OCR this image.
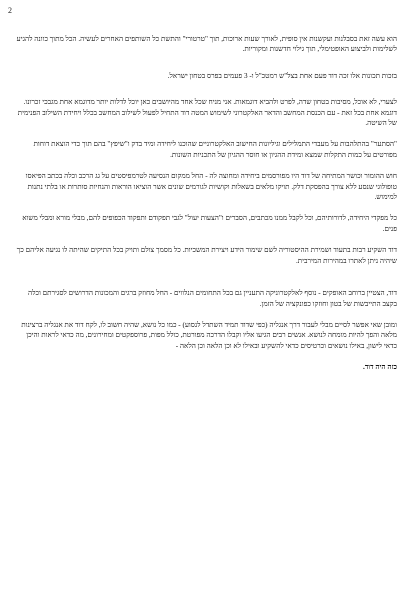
2

הוא עשה זאת בסבלנות ועקשנות אין סופית, לאורך שעות ארוכות, תוך "טרטורי" והתשת כל השותפים האחרים לעשיה. הכל מתוך כוונה להגיע לשלימות ולביצוע האופטימלי, תוך גילוי חדשנות ומקוריות.

בזכות תכונות אלו זכה דוד פעם אחת בצל"ש רמטכ"ל ו- 3 פעמים בפרס בטחון ישראל.

לצערי, לא אוכל, מסיבות בטחון שדה, לפרט ולהביא דוגמאות. אני מניח שכל אחד מהיושבים כאן יוכל לדלות יותר מדוגמא אחת מגבכי זכרונו. דוגמא אחת בכל זאת - עם הכנסת המחשב והדאר האלקטרוני לשימוש המטה דוד התחיל לפעול לשילוב המחשב בכלל ויחידת השילוב הפנימית של השיטה.

"הסתער" בהתלהבות על מעבדי התמלילים וגיליונות החישוב האלקטרוניים שהוכנו ליחידה ומיד בדק ו"שיפץ" בהם תוך כדי הוצאת דוחות מפורטים על כמות התקלות שמצא ומידת ההגיון או חוסר ההגיון של התכניות השונות.

חוש ההומור וכושר המתיחה של דוד היו מפורסמים ביחידה ומחוצה לה - החל ממקום הנסיעה לטרמפיסטים על גג הרכב וכלה בכתב הפיאסו טופולוגי שנסע ללא צורך בהפסקת דלק. תויקו מלאים בשאלות וקושיות לגורמים שונים אשר הוציאו הוראות והנחיות סותרות או בלתי נתנות למימוש.

כל מפקדי היחידה, לדורותיהם, וכל לקבל ממנו מכתבים, הסברים ו"הצעות יעול" לגבי תפקודם ותפקוד הכפופים להם, מבלי מורא ומבלי משוא פנים.

דוד השקיע רבות בתעוד ושמירת ההיסטוריה לשם שימור הידע ויצירת המשכיות. כל מסמך צולם ותויק בכל התיקים שהיתה לו נגיעה אליהם כך שיהיה ניתן לאתרו במהירות המירבית.

דוד, הצטיין ברוחב האופקים - נוסף לאלקטרוניקה התעניין גם בכל התחומים הנלווים - החל מחוזק ברגים והמכונות הדרושים לסגירתם וכלה בקצב התייבשות של בטון וחוזקו כפונקציה של הזמן.

ומובן שאי אפשר לסיים מבלי לעבור דרך אנגליה (כפי שדוד תמיד השתדל לנסוע) - כמו כל נושא, שהיה חשוב לו, לקח דוד את אנגליה ברצינות מלאה והפך להיות מומחה לנושא. אנשים רבים הגיעו אליו וקבלו הדרכה מפורטת, כולל מפות, פרוספקטים ומחירונים, מה כדאי לראות והיכן כדאי לישון, באילו נושאים וכרטיסים כדאי להשקיע ובאילו לא וכן הלאה וכן הלאה -

כזה היה דוד.
